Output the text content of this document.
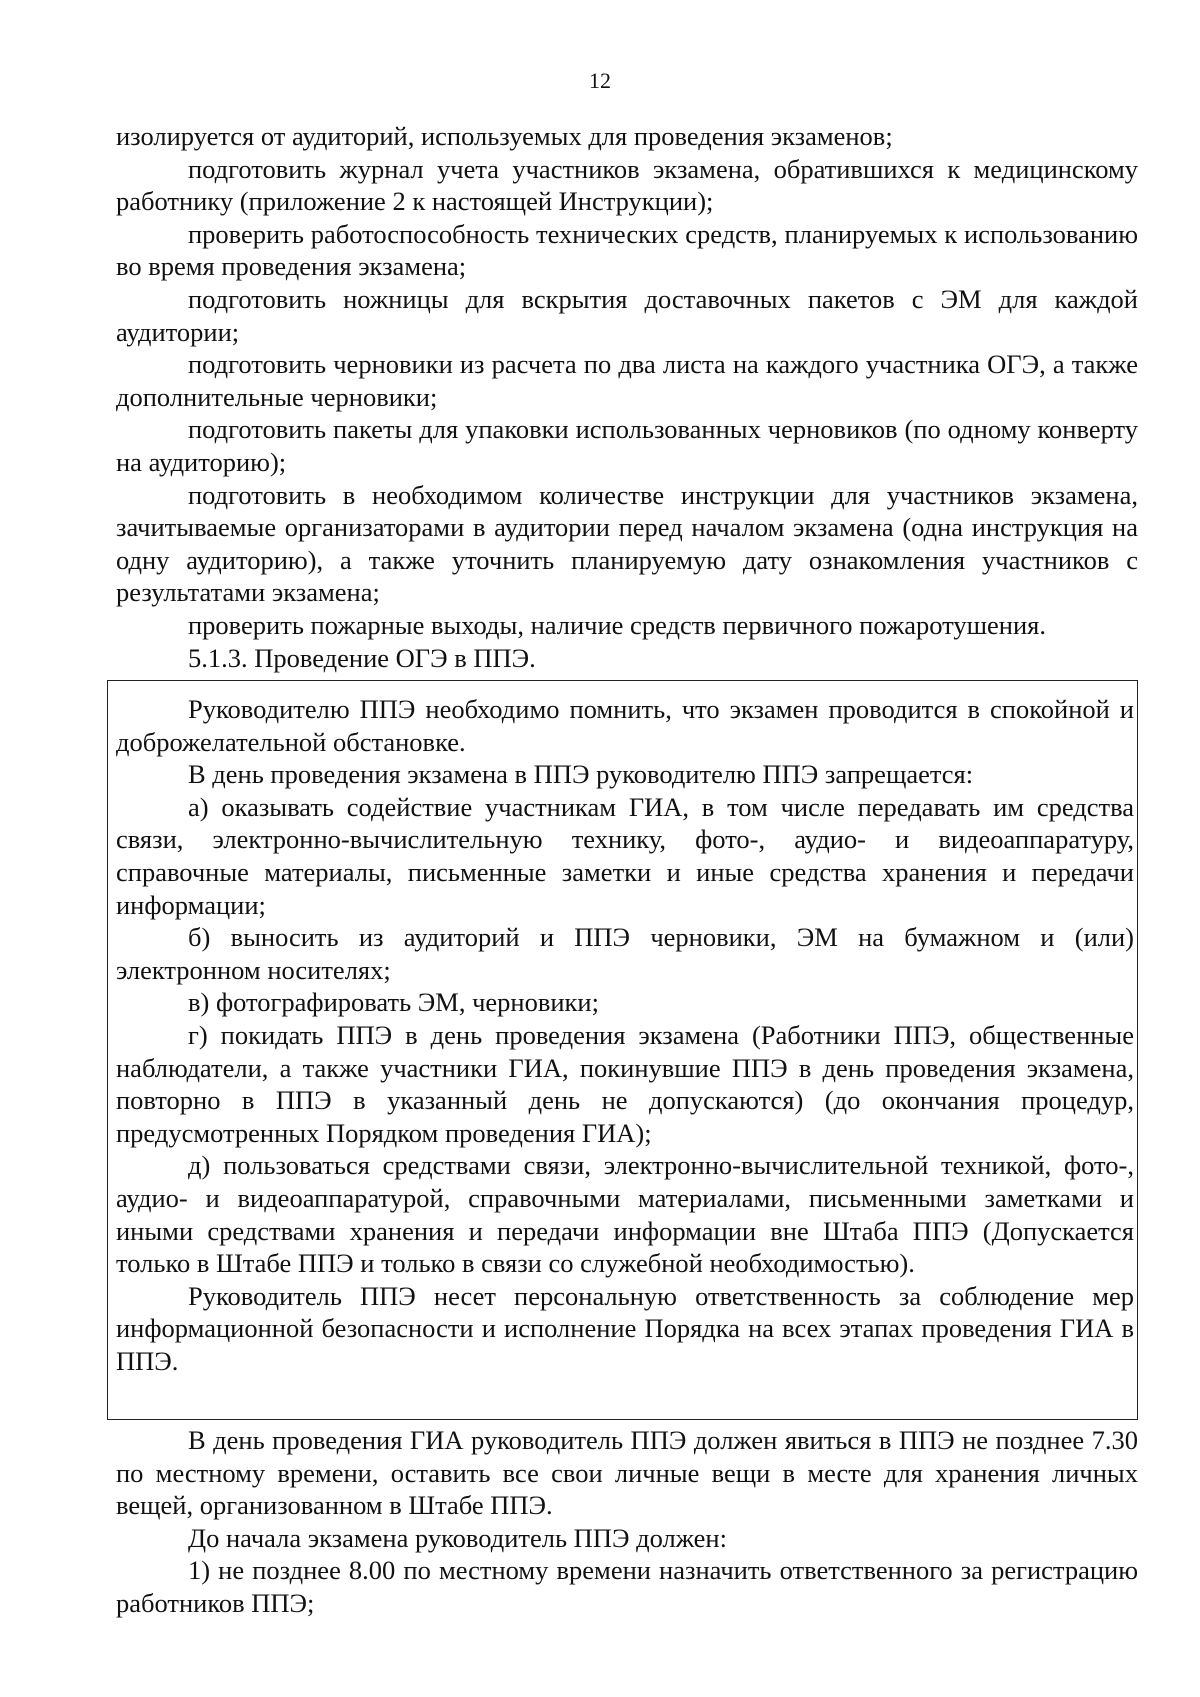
12

изолируется от аудиторий, используемых для проведения экзаменов;

подготовить журнал учета участников экзамена, обратившихся к медицинскому работнику (приложение 2 к настоящей Инструкции);

проверить работоспособность технических средств, планируемых к использованию во время проведения экзамена;

подготовить ножницы для вскрытия доставочных пакетов с ЭМ для каждой аудитории;

подготовить черновики из расчета по два листа на каждого участника ОГЭ, а также дополнительные черновики;

подготовить пакеты для упаковки использованных черновиков (по одному конверту на аудиторию);

подготовить в необходимом количестве инструкции для участников экзамена, зачитываемые организаторами в аудитории перед началом экзамена (одна инструкция на одну аудиторию), а также уточнить планируемую дату ознакомления участников с результатами экзамена;

проверить пожарные выходы, наличие средств первичного пожаротушения.

5.1.3. Проведение ОГЭ в ППЭ.

Руководителю ППЭ необходимо помнить, что экзамен проводится в спокойной и доброжелательной обстановке.

В день проведения экзамена в ППЭ руководителю ППЭ запрещается:

а) оказывать содействие участникам ГИА, в том числе передавать им средства связи, электронно-вычислительную технику, фото-, аудио- и видеоаппаратуру, справочные материалы, письменные заметки и иные средства хранения и передачи информации;

б) выносить из аудиторий и ППЭ черновики, ЭМ на бумажном и (или) электронном носителях;

в) фотографировать ЭМ, черновики;

г) покидать ППЭ в день проведения экзамена (Работники ППЭ, общественные наблюдатели, а также участники ГИА, покинувшие ППЭ в день проведения экзамена, повторно в ППЭ в указанный день не допускаются) (до окончания процедур, предусмотренных Порядком проведения ГИА);

д) пользоваться средствами связи, электронно-вычислительной техникой, фото-, аудио- и видеоаппаратурой, справочными материалами, письменными заметками и иными средствами хранения и передачи информации вне Штаба ППЭ (Допускается только в Штабе ППЭ и только в связи со служебной необходимостью).

Руководитель ППЭ несет персональную ответственность за соблюдение мер информационной безопасности и исполнение Порядка на всех этапах проведения ГИА в ППЭ.

В день проведения ГИА руководитель ППЭ должен явиться в ППЭ не позднее 7.30 по местному времени, оставить все свои личные вещи в месте для хранения личных вещей, организованном в Штабе ППЭ.

До начала экзамена руководитель ППЭ должен:

1) не позднее 8.00 по местному времени назначить ответственного за регистрацию работников ППЭ;
